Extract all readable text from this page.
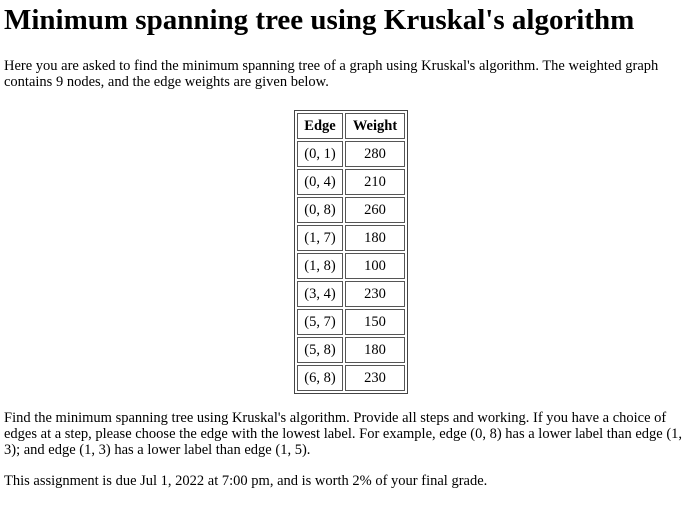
Minimum spanning tree using Kruskal's algorithm

Here you are asked to find the minimum spanning tree of a graph using Kruskal's algorithm. The weighted graph contains 9 nodes, and the edge weights are given below.

Edge	Weight
(0, 1)	280
(0, 4)	210
(0, 8)	260
(1, 7)	180
(1, 8)	100
(3, 4)	230
(5, 7)	150
(5, 8)	180
(6, 8)	230

Find the minimum spanning tree using Kruskal's algorithm. Provide all steps and working. If you have a choice of edges at a step, please choose the edge with the lowest label. For example, edge (0, 8) has a lower label than edge (1, 3); and edge (1, 3) has a lower label than edge (1, 5).

This assignment is due Jul 1, 2022 at 7:00 pm, and is worth 2% of your final grade.
